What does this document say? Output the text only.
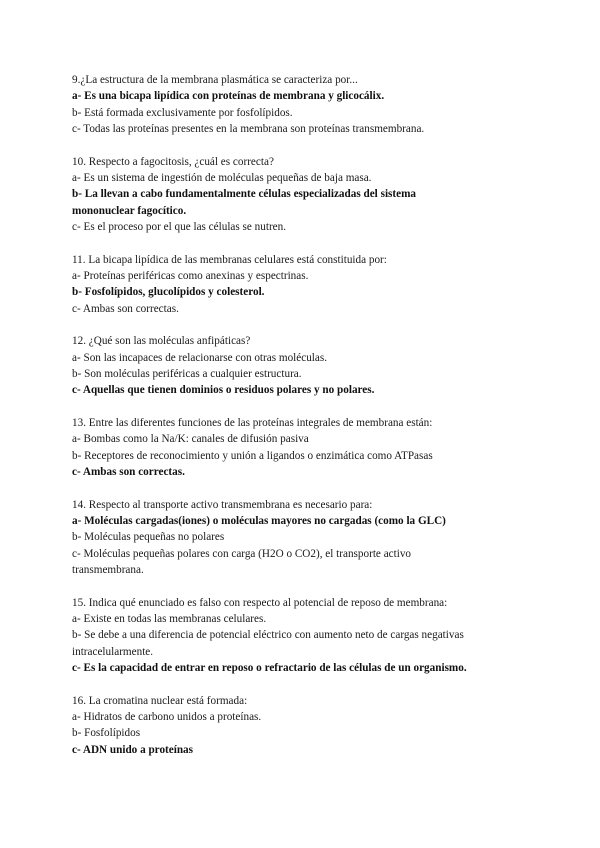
9.¿La estructura de la membrana plasmática se caracteriza por...
a- Es una bicapa lipídica con proteínas de membrana y glicocálix.
b- Está formada exclusivamente por fosfolípidos.
c- Todas las proteínas presentes en la membrana son proteínas transmembrana.
10. Respecto a fagocitosis, ¿cuál es correcta?
a- Es un sistema de ingestión de moléculas pequeñas de baja masa.
b- La llevan a cabo fundamentalmente células especializadas del sistema mononuclear fagocítico.
c- Es el proceso por el que las células se nutren.
11. La bicapa lipídica de las membranas celulares está constituida por:
a- Proteínas periféricas como anexinas y espectrinas.
b- Fosfolípidos, glucolípidos y colesterol.
c- Ambas son correctas.
12. ¿Qué son las moléculas anfipáticas?
a- Son las incapaces de relacionarse con otras moléculas.
b- Son moléculas periféricas a cualquier estructura.
c- Aquellas que tienen dominios o residuos polares y no polares.
13. Entre las diferentes funciones de las proteínas integrales de membrana están:
a- Bombas como la Na/K: canales de difusión pasiva
b- Receptores de reconocimiento y unión a ligandos o enzimática como ATPasas
c- Ambas son correctas.
14. Respecto al transporte activo transmembrana es necesario para:
a- Moléculas cargadas(iones) o moléculas mayores no cargadas (como la GLC)
b- Moléculas pequeñas no polares
c- Moléculas pequeñas polares con carga (H2O o CO2), el transporte activo transmembrana.
15. Indica qué enunciado es falso con respecto al potencial de reposo de membrana:
a- Existe en todas las membranas celulares.
b- Se debe a una diferencia de potencial eléctrico con aumento neto de cargas negativas intracelularmente.
c- Es la capacidad de entrar en reposo o refractario de las células de un organismo.
16. La cromatina nuclear está formada:
a- Hidratos de carbono unidos a proteínas.
b- Fosfolípidos
c- ADN unido a proteínas
